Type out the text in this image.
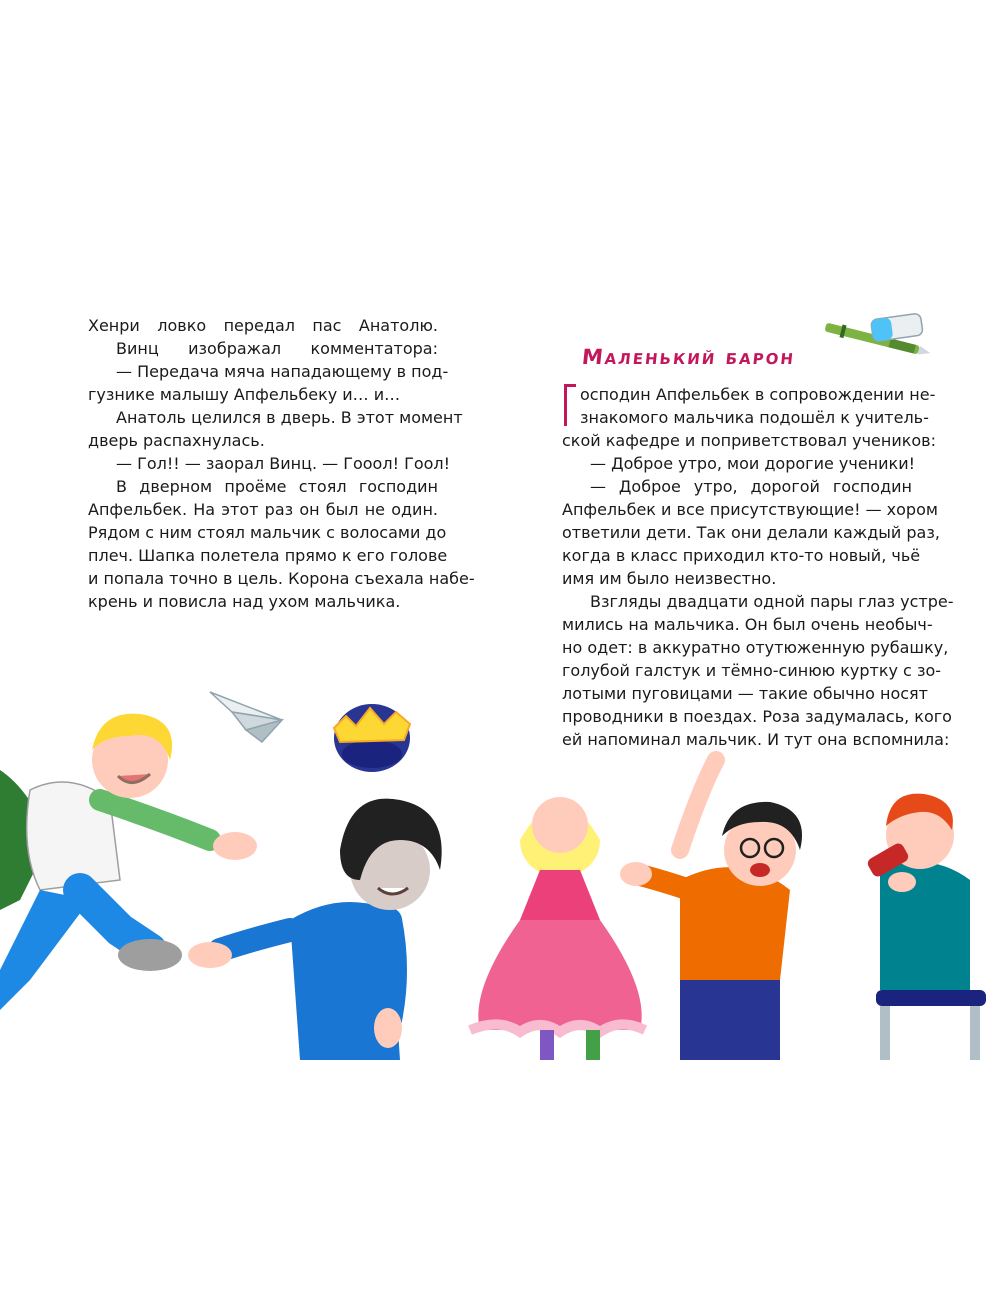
Хенри ловко передал пас Анатолю.
Винц изображал комментатора:
— Передача мяча нападающему в под-
гузнике малышу Апфельбеку и… и…
Анатоль целился в дверь. В этот момент
дверь распахнулась.
— Гол!! — заорал Винц. — Гооол! Гоол!
В дверном проёме стоял господин
Апфельбек. На этот раз он был не один.
Рядом с ним стоял мальчик с волосами до
плеч. Шапка полетела прямо к его голове
и попала точно в цель. Корона съехала набе-
крень и повисла над ухом мальчика.
Маленький барон
осподин Апфельбек в сопровождении не-
знакомого мальчика подошёл к учитель-
ской кафедре и поприветствовал учеников:
— Доброе утро, мои дорогие ученики!
— Доброе утро, дорогой господин
Апфельбек и все присутствующие! — хором
ответили дети. Так они делали каждый раз,
когда в класс приходил кто-то новый, чьё
имя им было неизвестно.
Взгляды двадцати одной пары глаз устре-
мились на мальчика. Он был очень необыч-
но одет: в аккуратно отутюженную рубашку,
голубой галстук и тёмно-синюю куртку с зо-
лотыми пуговицами — такие обычно носят
проводники в поездах. Роза задумалась, кого
ей напоминал мальчик. И тут она вспомнила:
